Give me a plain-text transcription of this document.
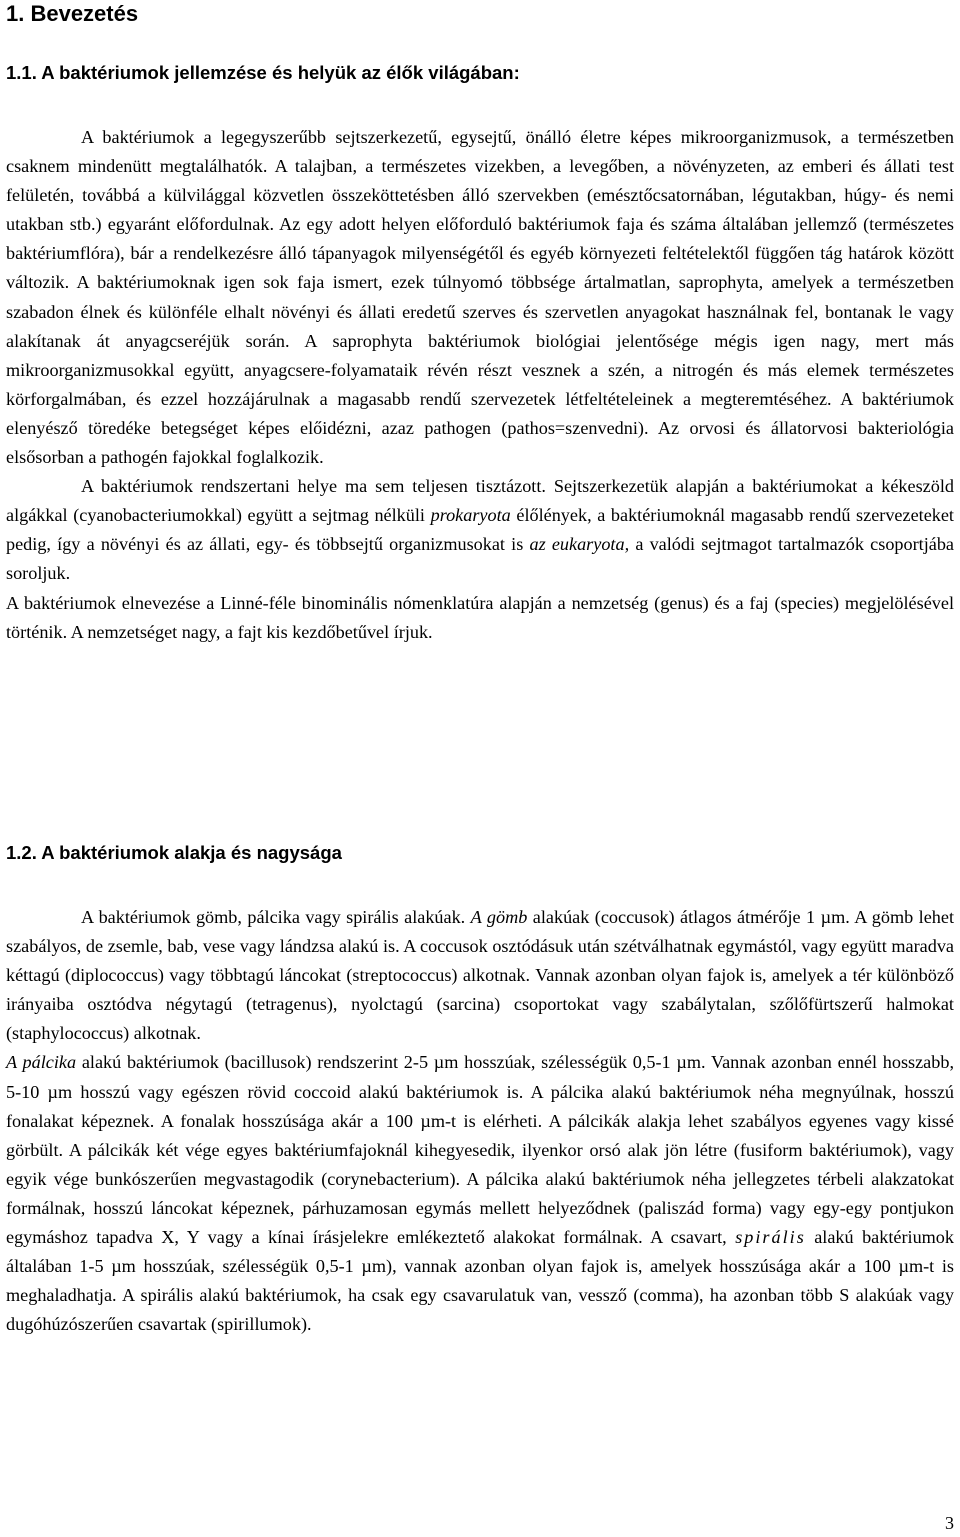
1. Bevezetés
1.1. A baktériumok jellemzése és helyük az élők világában:

A baktériumok a legegyszerűbb sejtszerkezetű, egysejtű, önálló életre képes mikroorganizmusok, a természetben csaknem mindenütt megtalálhatók. A talajban, a természetes vizekben, a levegőben, a növényzeten, az emberi és állati test felületén, továbbá a külvilággal közvetlen összeköttetésben álló szervekben (emésztőcsatornában, légutakban, húgy- és nemi utakban stb.) egyaránt előfordulnak. Az egy adott helyen előforduló baktériumok faja és száma általában jellemző (természetes baktériumflóra), bár a rendelkezésre álló tápanyagok milyenségétől és egyéb környezeti feltételektől függően tág határok között változik. A baktériumoknak igen sok faja ismert, ezek túlnyomó többsége ártalmatlan, saprophyta, amelyek a természetben szabadon élnek és különféle elhalt növényi és állati eredetű szerves és szervetlen anyagokat használnak fel, bontanak le vagy alakítanak át anyagcseréjük során. A saprophyta baktériumok biológiai jelentősége mégis igen nagy, mert más mikroorganizmusokkal együtt, anyagcsere-folyamataik révén részt vesznek a szén, a nitrogén és más elemek természetes körforgalmában, és ezzel hozzájárulnak a magasabb rendű szervezetek létfeltételeinek a megteremtéséhez. A baktériumok elenyésző töredéke betegséget képes előidézni, azaz pathogen (pathos=szenvedni). Az orvosi és állatorvosi bakteriológia elsősorban a pathogén fajokkal foglalkozik.

A baktériumok rendszertani helye ma sem teljesen tisztázott. Sejtszerkezetük alapján a baktériumokat a kékeszöld algákkal (cyanobacteriumokkal) együtt a sejtmag nélküli prokaryota élőlények, a baktériumoknál magasabb rendű szervezeteket pedig, így a növényi és az állati, egy- és többsejtű organizmusokat is az eukaryota, a valódi sejtmagot tartalmazók csoportjába soroljuk.

A baktériumok elnevezése a Linné-féle binominális nómenklatúra alapján a nemzetség (genus) és a faj (species) megjelölésével történik. A nemzetséget nagy, a fajt kis kezdőbetűvel írjuk.

1.2. A baktériumok alakja és nagysága

A baktériumok gömb, pálcika vagy spirális alakúak. A gömb alakúak (coccusok) átlagos átmérője 1 µm. A gömb lehet szabályos, de zsemle, bab, vese vagy lándzsa alakú is. A coccusok osztódásuk után szétválhatnak egymástól, vagy együtt maradva kéttagú (diplococcus) vagy többtagú láncokat (streptococcus) alkotnak. Vannak azonban olyan fajok is, amelyek a tér különböző irányaiba osztódva négytagú (tetragenus), nyolctagú (sarcina) csoportokat vagy szabálytalan, szőlőfürtszerű halmokat (staphylococcus) alkotnak.

A pálcika alakú baktériumok (bacillusok) rendszerint 2-5 µm hosszúak, szélességük 0,5-1 µm. Vannak azonban ennél hosszabb, 5-10 µm hosszú vagy egészen rövid coccoid alakú baktériumok is. A pálcika alakú baktériumok néha megnyúlnak, hosszú fonalakat képeznek. A fonalak hosszúsága akár a 100 µm-t is elérheti. A pálcikák alakja lehet szabályos egyenes vagy kissé görbült. A pálcikák két vége egyes baktériumfajoknál kihegyesedik, ilyenkor orsó alak jön létre (fusiform baktériumok), vagy egyik vége bunkószerűen megvastagodik (corynebacterium). A pálcika alakú baktériumok néha jellegzetes térbeli alakzatokat formálnak, hosszú láncokat képeznek, párhuzamosan egymás mellett helyeződnek (paliszád forma) vagy egy-egy pontjukon egymáshoz tapadva X, Y vagy a kínai írásjelekre emlékeztető alakokat formálnak. A csavart, spirális alakú baktériumok általában 1-5 µm hosszúak, szélességük 0,5-1 µm), vannak azonban olyan fajok is, amelyek hosszúsága akár a 100 µm-t is meghaladhatja. A spirális alakú baktériumok, ha csak egy csavarulatuk van, vessző (comma), ha azonban több S alakúak vagy dugóhúzószerűen csavartak (spirillumok).

3
